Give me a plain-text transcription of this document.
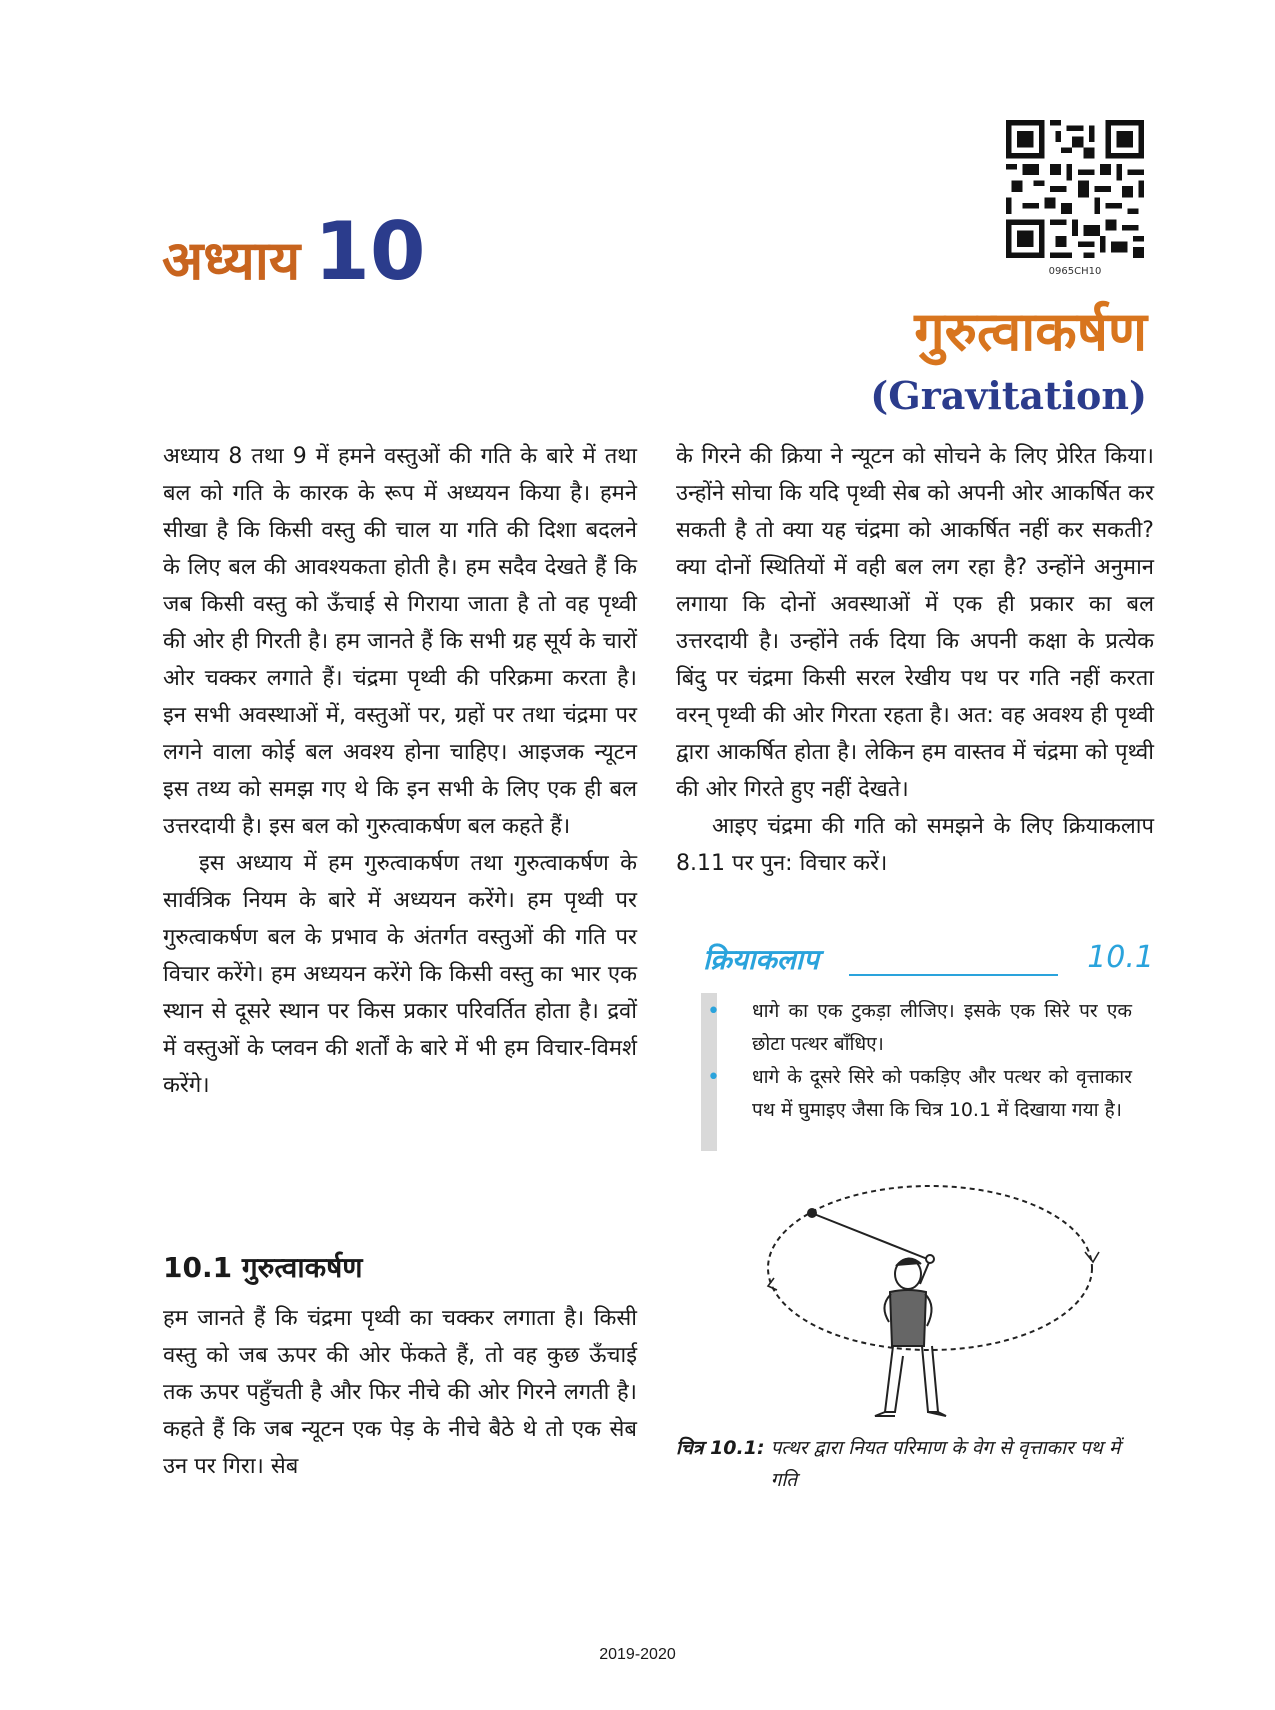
अध्याय 10	0965CH10
गुरुत्वाकर्षण
(Gravitation)

अध्याय 8 तथा 9 में हमने वस्तुओं की गति के बारे में तथा बल को गति के कारक के रूप में अध्ययन किया है। हमने सीखा है कि किसी वस्तु की चाल या गति की दिशा बदलने के लिए बल की आवश्यकता होती है। हम सदैव देखते हैं कि जब किसी वस्तु को ऊँचाई से गिराया जाता है तो वह पृथ्वी की ओर ही गिरती है। हम जानते हैं कि सभी ग्रह सूर्य के चारों ओर चक्कर लगाते हैं। चंद्रमा पृथ्वी की परिक्रमा करता है। इन सभी अवस्थाओं में, वस्तुओं पर, ग्रहों पर तथा चंद्रमा पर लगने वाला कोई बल अवश्य होना चाहिए। आइजक न्यूटन इस तथ्य को समझ गए थे कि इन सभी के लिए एक ही बल उत्तरदायी है। इस बल को गुरुत्वाकर्षण बल कहते हैं।

इस अध्याय में हम गुरुत्वाकर्षण तथा गुरुत्वाकर्षण के सार्वत्रिक नियम के बारे में अध्ययन करेंगे। हम पृथ्वी पर गुरुत्वाकर्षण बल के प्रभाव के अंतर्गत वस्तुओं की गति पर विचार करेंगे। हम अध्ययन करेंगे कि किसी वस्तु का भार एक स्थान से दूसरे स्थान पर किस प्रकार परिवर्तित होता है। द्रवों में वस्तुओं के प्लवन की शर्तों के बारे में भी हम विचार-विमर्श करेंगे।

10.1 गुरुत्वाकर्षण

हम जानते हैं कि चंद्रमा पृथ्वी का चक्कर लगाता है। किसी वस्तु को जब ऊपर की ओर फेंकते हैं, तो वह कुछ ऊँचाई तक ऊपर पहुँचती है और फिर नीचे की ओर गिरने लगती है। कहते हैं कि जब न्यूटन एक पेड़ के नीचे बैठे थे तो एक सेब उन पर गिरा। सेब

के गिरने की क्रिया ने न्यूटन को सोचने के लिए प्रेरित किया। उन्होंने सोचा कि यदि पृथ्वी सेब को अपनी ओर आकर्षित कर सकती है तो क्या यह चंद्रमा को आकर्षित नहीं कर सकती? क्या दोनों स्थितियों में वही बल लग रहा है? उन्होंने अनुमान लगाया कि दोनों अवस्थाओं में एक ही प्रकार का बल उत्तरदायी है। उन्होंने तर्क दिया कि अपनी कक्षा के प्रत्येक बिंदु पर चंद्रमा किसी सरल रेखीय पथ पर गति नहीं करता वरन् पृथ्वी की ओर गिरता रहता है। अत: वह अवश्य ही पृथ्वी द्वारा आकर्षित होता है। लेकिन हम वास्तव में चंद्रमा को पृथ्वी की ओर गिरते हुए नहीं देखते।

आइए चंद्रमा की गति को समझने के लिए क्रियाकलाप 8.11 पर पुन: विचार करें।

क्रियाकलाप	10.1
• धागे का एक टुकड़ा लीजिए। इसके एक सिरे पर एक छोटा पत्थर बाँधिए।
• धागे के दूसरे सिरे को पकड़िए और पत्थर को वृत्ताकार पथ में घुमाइए जैसा कि चित्र 10.1 में दिखाया गया है।
चित्र 10.1: पत्थर द्वारा नियत परिमाण के वेग से वृत्ताकार पथ में गति
2019-2020
